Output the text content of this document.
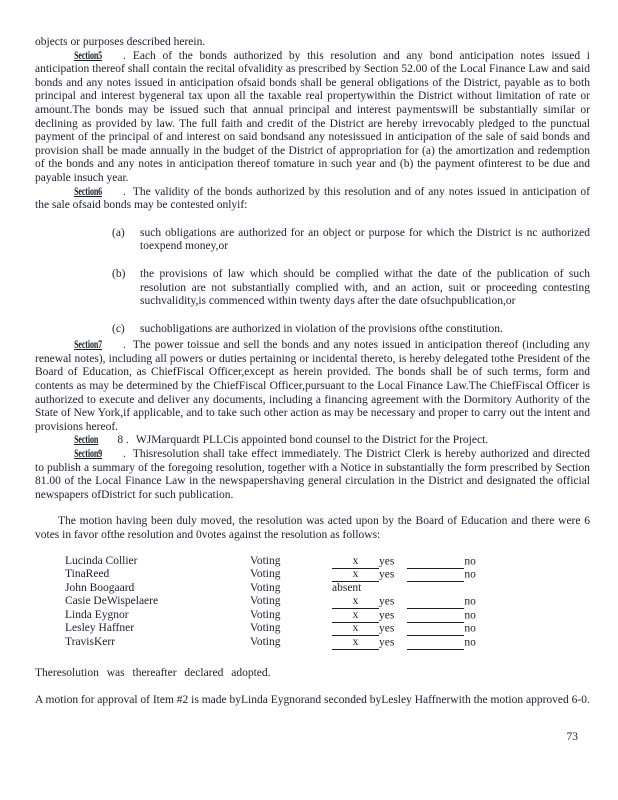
objects or purposes described herein.

Section5 . Each of the bonds authorized by this resolution and any bond anticipation notes issued i anticipation thereof shall contain the recital ofvalidity as prescribed by Section 52.00 of the Local Finance Law and said bonds and any notes issued in anticipation ofsaid bonds shall be general obligations of the District, payable as to both principal and interest bygeneral tax upon all the taxable real propertywithin the District without limitation of rate or amount.The bonds may be issued such that annual principal and interest paymentswill be substantially similar or declining as provided by law. The full faith and credit of the District are hereby irrevocably pledged to the punctual payment of the principal of and interest on said bondsand any notesissued in anticipation of the sale of said bonds and provision shall be made annually in the budget of the District of appropriation for (a) the amortization and redemption of the bonds and any notes in anticipation thereof tomature in such year and (b) the payment ofinterest to be due and payable insuch year.

Section6 . The validity of the bonds authorized by this resolution and of any notes issued in anticipation of the sale ofsaid bonds may be contested onlyif:

(a)	such obligations are authorized for an object or purpose for which the District is nc authorized toexpend money,or
(b)	the provisions of law which should be complied withat the date of the publication of such resolution are not substantially complied with, and an action, suit or proceeding contesting suchvalidity,is commenced within twenty days after the date ofsuchpublication,or
(c)	suchobligations are authorized in violation of the provisions ofthe constitution.

Section7 . The power toissue and sell the bonds and any notes issued in anticipation thereof (including any renewal notes), including all powers or duties pertaining or incidental thereto, is hereby delegated tothe President of the Board of Education, as ChiefFiscal Officer,except as herein provided. The bonds shall be of such terms, form and contents as may be determined by the ChiefFiscal Officer,pursuant to the Local Finance Law.The ChiefFiscal Officer is authorized to execute and deliver any documents, including a financing agreement with the Dormitory Authority of the State of New York,if applicable, and to take such other action as may be necessary and proper to carry out the intent and provisions hereof.

Section 8 . WJMarquardt PLLCis appointed bond counsel to the District for the Project.

Section9 . Thisresolution shall take effect immediately. The District Clerk is hereby authorized and directed to publish a summary of the foregoing resolution, together with a Notice in substantially the form prescribed by Section 81.00 of the Local Finance Law in the newspapershaving general circulation in the District and designated the official newspapers ofDistrict for such publication.

The motion having been duly moved, the resolution was acted upon by the Board of Education and there were 6 votes in favor ofthe resolution and 0votes against the resolution as follows:

Lucinda Collier	Voting	x yes	no
TinaReed	Voting	x yes	no
John Boogaard	Voting	absent
Casie DeWispelaere	Voting	x yes	no
Linda Eygnor	Voting	x yes	no
Lesley Haffner	Voting	x yes	no
TravisKerr	Voting	x yes	no

Theresolution was thereafter declared adopted.

A motion for approval of Item #2 is made byLinda Eygnorand seconded byLesley Haffnerwith the motion approved 6-0.

73
